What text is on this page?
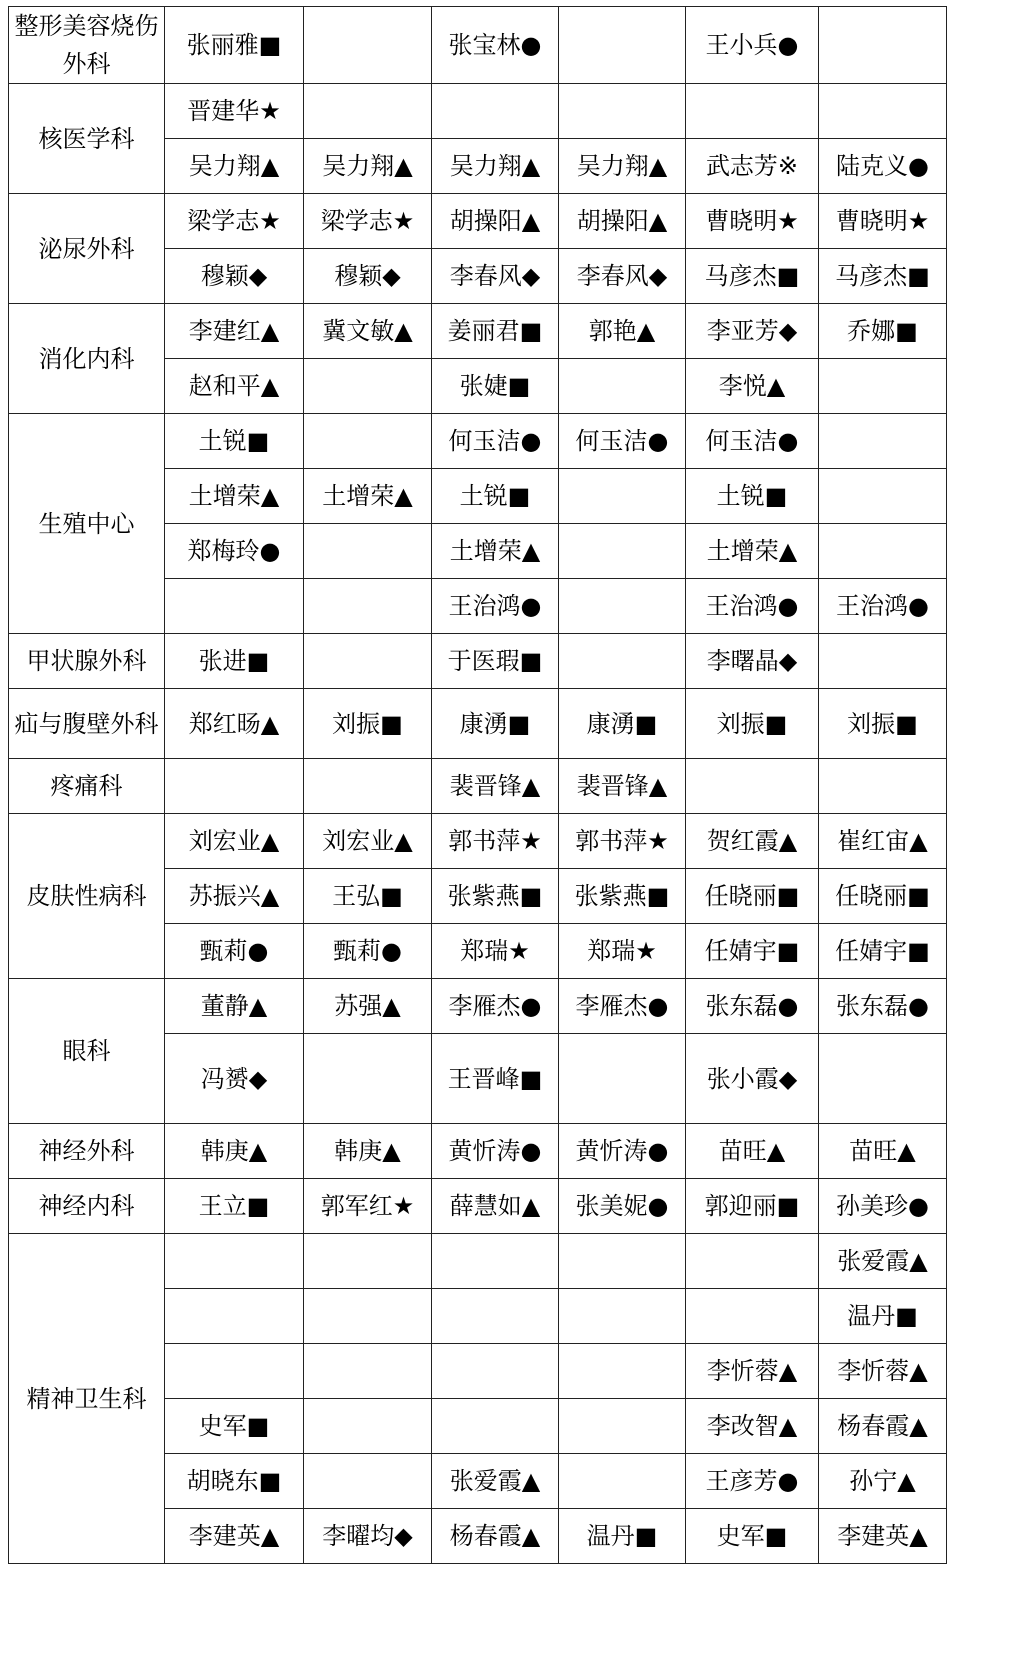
整形美容烧伤外科	张丽雅■		张宝林●		王小兵●	
核医学科	晋建华★					
	吴力翔▲	吴力翔▲	吴力翔▲	吴力翔▲	武志芳※	陆克义●
泌尿外科	梁学志★	梁学志★	胡操阳▲	胡操阳▲	曹晓明★	曹晓明★
	穆颖◆	穆颖◆	李春风◆	李春风◆	马彦杰■	马彦杰■
消化内科	李建红▲	冀文敏▲	姜丽君■	郭艳▲	李亚芳◆	乔娜■
	赵和平▲		张婕■		李悦▲	
生殖中心	土锐■		何玉洁●	何玉洁●	何玉洁●	
	土增荣▲	土增荣▲	土锐■		土锐■	
	郑梅玲●		土增荣▲		土增荣▲	
			王治鸿●		王治鸿●	王治鸿●
甲状腺外科	张进■		于医瑕■		李曙晶◆	
疝与腹壁外科	郑红旸▲	刘振■	康湧■	康湧■	刘振■	刘振■
疼痛科			裴晋锋▲	裴晋锋▲		
皮肤性病科	刘宏业▲	刘宏业▲	郭书萍★	郭书萍★	贺红霞▲	崔红宙▲
	苏振兴▲	王弘■	张紫燕■	张紫燕■	任晓丽■	任晓丽■
	甄莉●	甄莉●	郑瑞★	郑瑞★	任婧宇■	任婧宇■
眼科	董静▲	苏强▲	李雁杰●	李雁杰●	张东磊●	张东磊●
	冯赟◆		王晋峰■		张小霞◆	
神经外科	韩庚▲	韩庚▲	黄忻涛●	黄忻涛●	苗旺▲	苗旺▲
神经内科	王立■	郭军红★	薛慧如▲	张美妮●	郭迎丽■	孙美珍●
精神卫生科						张爱霞▲
						温丹■
					李忻蓉▲	李忻蓉▲
	史军■				李改智▲	杨春霞▲
	胡晓东■		张爱霞▲		王彦芳●	孙宁▲
	李建英▲	李曜均◆	杨春霞▲	温丹■	史军■	李建英▲
